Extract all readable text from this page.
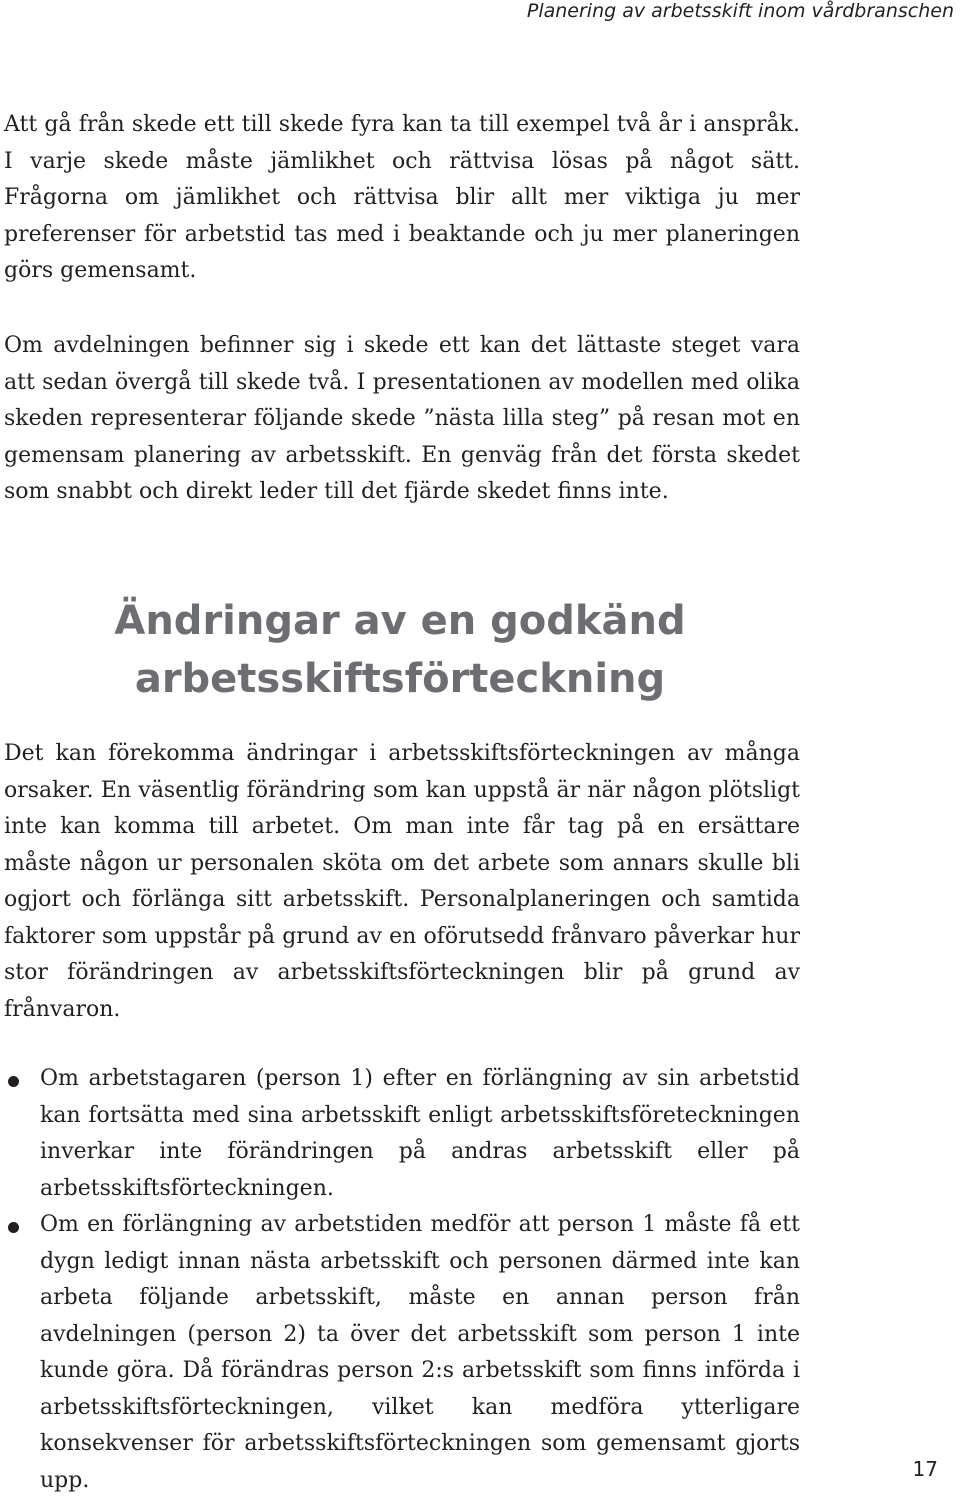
Planering av arbetsskift inom vårdbranschen

Att gå från skede ett till skede fyra kan ta till exempel två år i anspråk. I varje skede måste jämlikhet och rättvisa lösas på något sätt. Frågorna om jämlikhet och rättvisa blir allt mer viktiga ju mer preferenser för arbetstid tas med i beaktande och ju mer planeringen görs gemensamt.

Om avdelningen befinner sig i skede ett kan det lättaste steget vara att sedan övergå till skede två. I presentationen av modellen med olika skeden representerar följande skede ”nästa lilla steg” på resan mot en gemensam planering av arbetsskift. En genväg från det första skedet som snabbt och direkt leder till det fjärde skedet finns inte.

Ändringar av en godkänd arbetsskiftsförteckning

Det kan förekomma ändringar i arbetsskiftsförteckningen av många orsaker. En väsentlig förändring som kan uppstå är när någon plötsligt inte kan komma till arbetet. Om man inte får tag på en ersättare måste någon ur personalen sköta om det arbete som annars skulle bli ogjort och förlänga sitt arbetsskift. Personalplaneringen och samtida faktorer som uppstår på grund av en oförutsedd frånvaro påverkar hur stor förändringen av arbetsskiftsförteckningen blir på grund av frånvaron.

Om arbetstagaren (person 1) efter en förlängning av sin arbetstid kan fortsätta med sina arbetsskift enligt arbetsskiftsföreteckningen inverkar inte förändringen på andras arbetsskift eller på arbetsskiftsförteckningen.
Om en förlängning av arbetstiden medför att person 1 måste få ett dygn ledigt innan nästa arbetsskift och personen därmed inte kan arbeta följande arbetsskift, måste en annan person från avdelningen (person 2) ta över det arbetsskift som person 1 inte kunde göra. Då förändras person 2:s arbetsskift som finns införda i arbetsskiftsförteckningen, vilket kan medföra ytterligare konsekvenser för arbetsskiftsförteckningen som gemensamt gjorts upp.	17
